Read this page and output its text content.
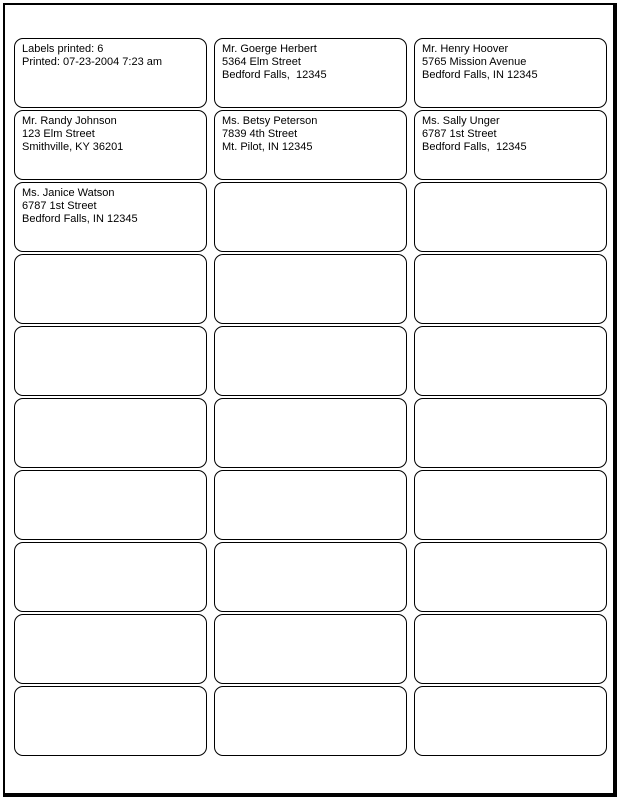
Labels printed: 6
Printed: 07-23-2004 7:23 am
Mr. Goerge Herbert
5364 Elm Street
Bedford Falls,  12345
Mr. Henry Hoover
5765 Mission Avenue
Bedford Falls, IN 12345
Mr. Randy Johnson
123 Elm Street
Smithville, KY 36201
Ms. Betsy Peterson
7839 4th Street
Mt. Pilot, IN 12345
Ms. Sally Unger
6787 1st Street
Bedford Falls,  12345
Ms. Janice Watson
6787 1st Street
Bedford Falls, IN 12345
